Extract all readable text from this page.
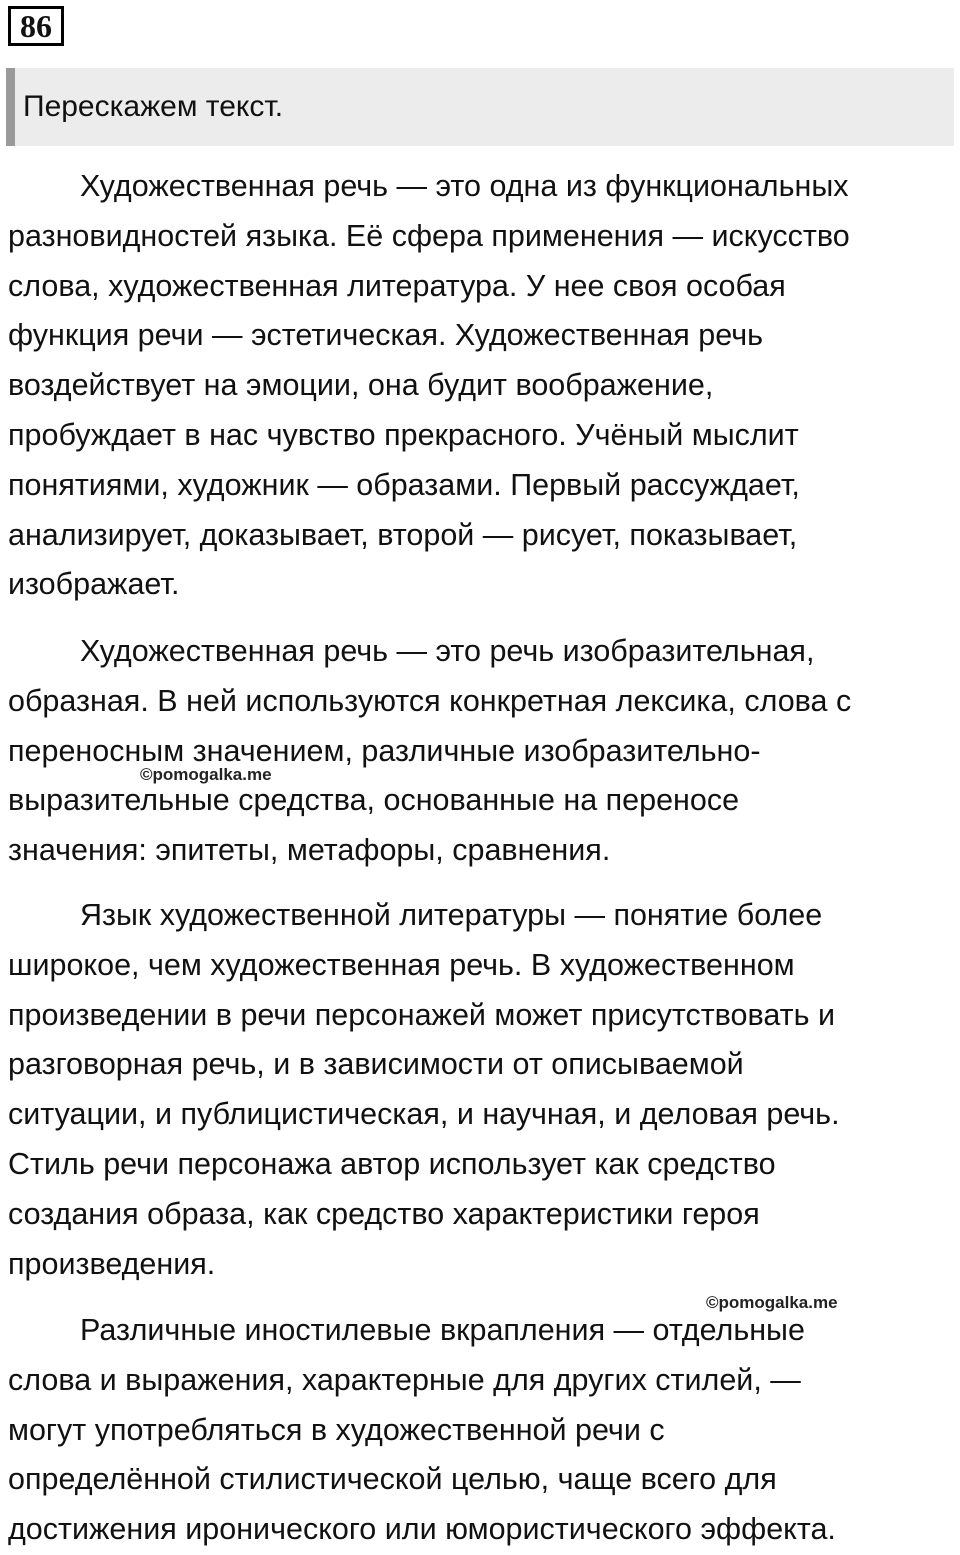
86
Перескажем текст.

Художественная речь — это одна из функциональных
разновидностей языка. Её сфера применения — искусство
слова, художественная литература. У нее своя особая
функция речи — эстетическая. Художественная речь
воздействует на эмоции, она будит воображение,
пробуждает в нас чувство прекрасного. Учёный мыслит
понятиями, художник — образами. Первый рассуждает,
анализирует, доказывает, второй — рисует, показывает,
изображает.

Художественная речь — это речь изобразительная,
образная. В ней используются конкретная лексика, слова с
переносным значением, различные изобразительно-
выразительные средства, основанные на переносе
значения: эпитеты, метафоры, сравнения.

Язык художественной литературы — понятие более
широкое, чем художественная речь. В художественном
произведении в речи персонажей может присутствовать и
разговорная речь, и в зависимости от описываемой
ситуации, и публицистическая, и научная, и деловая речь.
Стиль речи персонажа автор использует как средство
создания образа, как средство характеристики героя
произведения.

Различные иностилевые вкрапления — отдельные
слова и выражения, характерные для других стилей, —
могут употребляться в художественной речи с
определённой стилистической целью, чаще всего для
достижения иронического или юмористического эффекта.

©pomogalka.me
©pomogalka.me
